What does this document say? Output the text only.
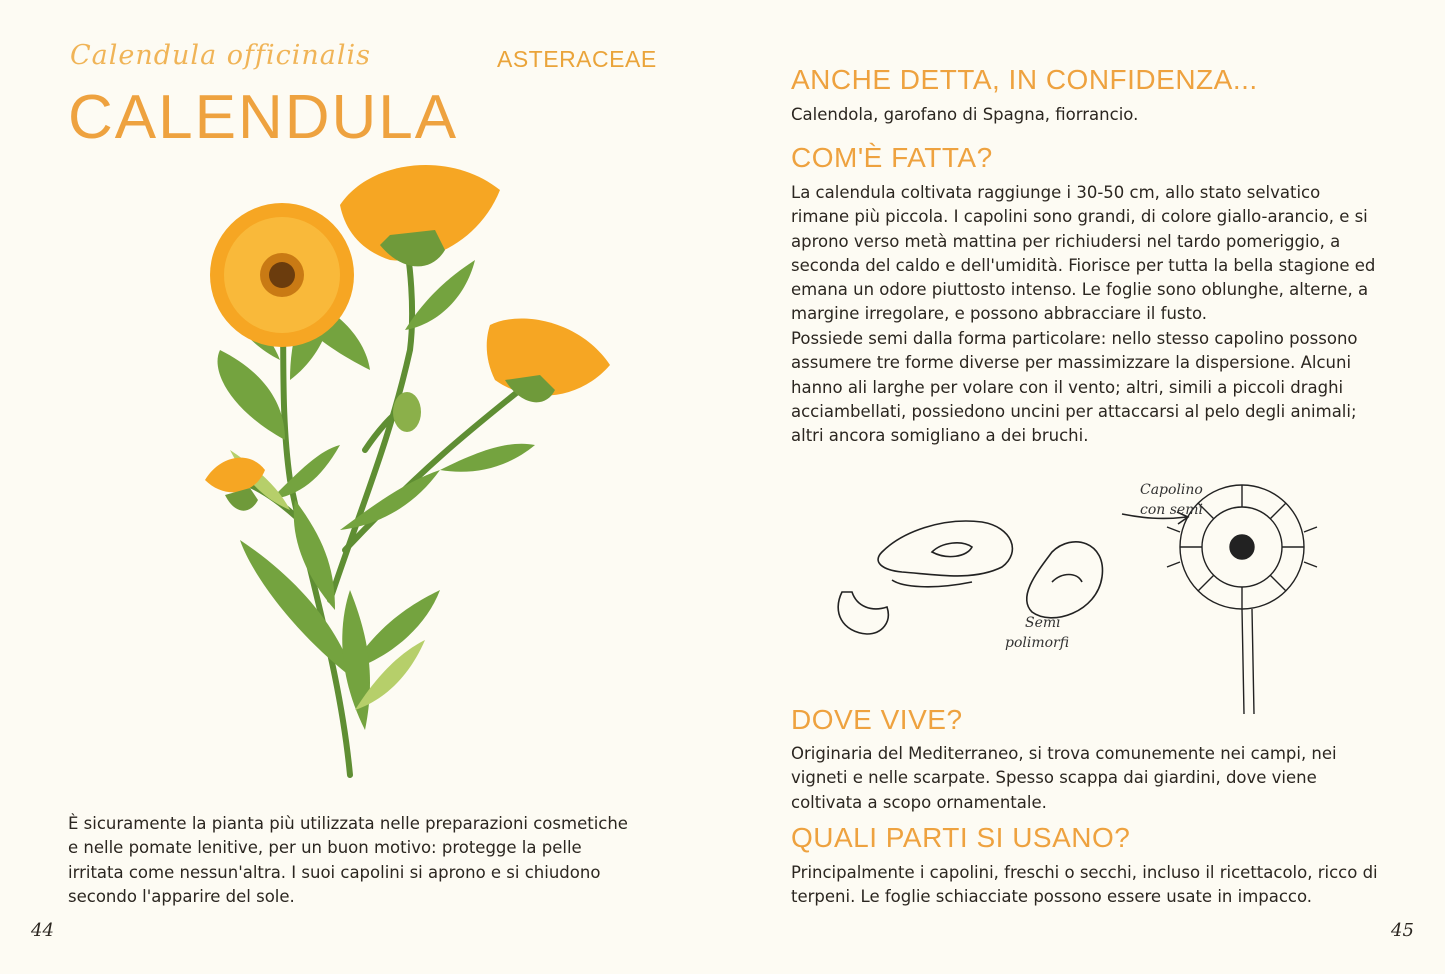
Calendula officinalis	ASTERACEAE
CALENDULA

È sicuramente la pianta più utilizzata nelle preparazioni cosmetiche e nelle pomate lenitive, per un buon motivo: protegge la pelle irritata come nessun'altra. I suoi capolini si aprono e si chiudono secondo l'apparire del sole.

44
ANCHE DETTA, IN CONFIDENZA...

Calendola, garofano di Spagna, fiorrancio.

COM'È FATTA?

La calendula coltivata raggiunge i 30-50 cm, allo stato selvatico rimane più piccola. I capolini sono grandi, di colore giallo-arancio, e si aprono verso metà mattina per richiudersi nel tardo pomeriggio, a seconda del caldo e dell'umidità. Fiorisce per tutta la bella stagione ed emana un odore piuttosto intenso. Le foglie sono oblunghe, alterne, a margine irregolare, e possono abbracciare il fusto.

Possiede semi dalla forma particolare: nello stesso capolino possono assumere tre forme diverse per massimizzare la dispersione. Alcuni hanno ali larghe per volare con il vento; altri, simili a piccoli draghi acciambellati, possiedono uncini per attaccarsi al pelo degli animali; altri ancora somigliano a dei bruchi.

Capolino
con semi
Semi
polimorfi
DOVE VIVE?

Originaria del Mediterraneo, si trova comunemente nei campi, nei vigneti e nelle scarpate. Spesso scappa dai giardini, dove viene coltivata a scopo ornamentale.

QUALI PARTI SI USANO?

Principalmente i capolini, freschi o secchi, incluso il ricettacolo, ricco di terpeni. Le foglie schiacciate possono essere usate in impacco.

45
